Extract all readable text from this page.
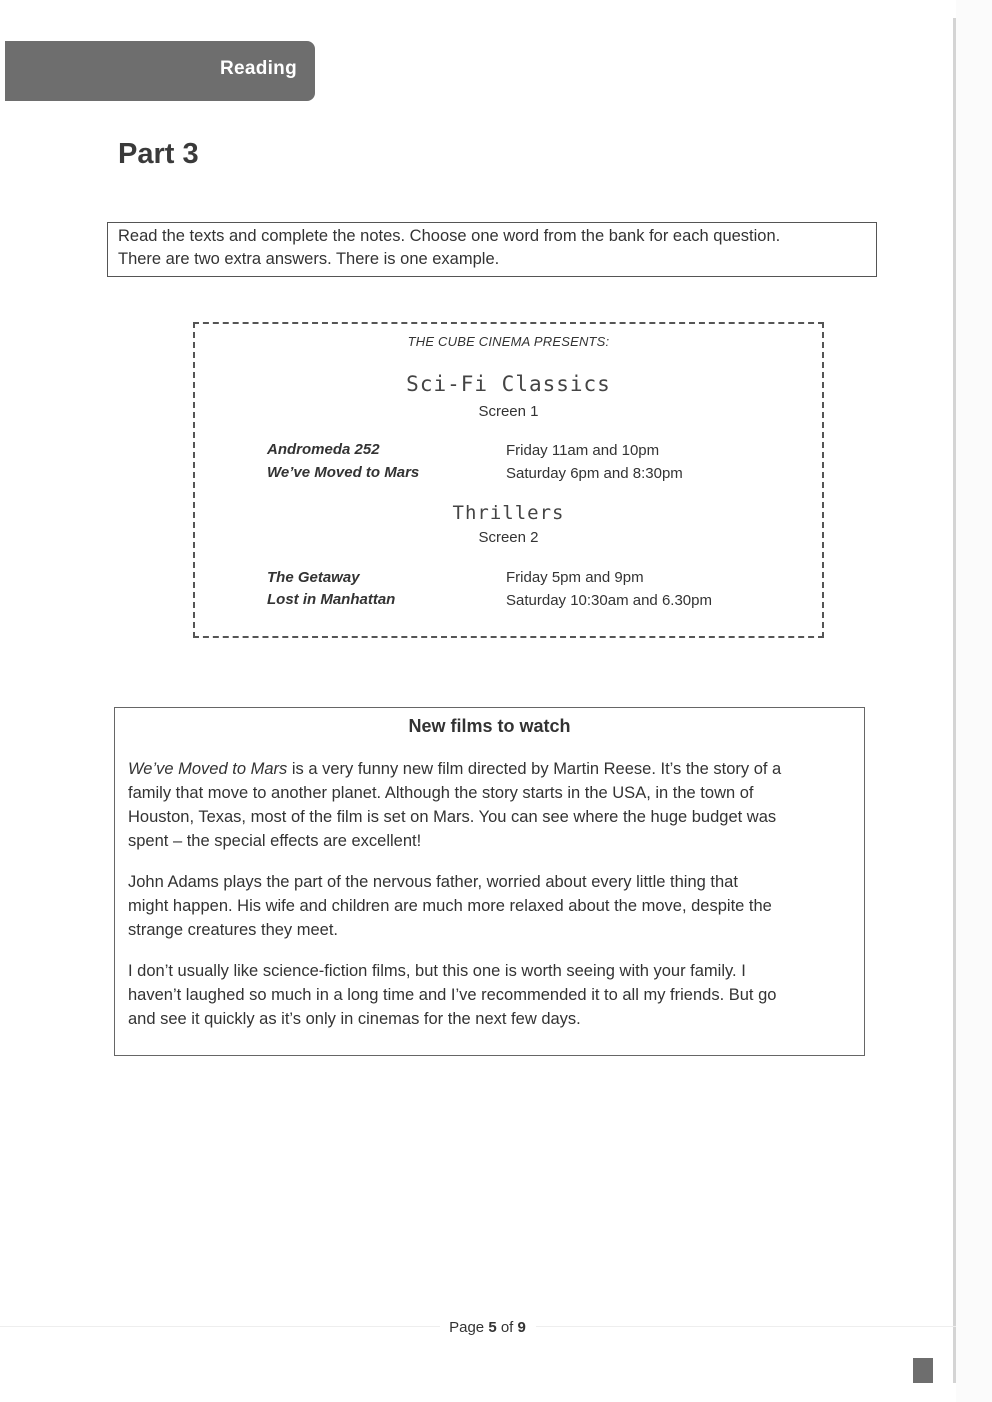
Reading
Part 3

Read the texts and complete the notes. Choose one word from the bank for each question.

There are two extra answers. There is one example.

THE CUBE CINEMA PRESENTS:
Sci-Fi Classics
Screen 1
Andromeda 252
We’ve Moved to Mars
Friday 11am and 10pm
Saturday 6pm and 8:30pm
Thrillers
Screen 2
The Getaway
Lost in Manhattan
Friday 5pm and 9pm
Saturday 10:30am and 6.30pm
New films to watch
We’ve Moved to Mars is a very funny new film directed by Martin Reese. It’s the story of a
family that move to another planet. Although the story starts in the USA, in the town of
Houston, Texas, most of the film is set on Mars. You can see where the huge budget was
spent – the special effects are excellent!
John Adams plays the part of the nervous father, worried about every little thing that
might happen. His wife and children are much more relaxed about the move, despite the
strange creatures they meet.
I don’t usually like science-fiction films, but this one is worth seeing with your family. I
haven’t laughed so much in a long time and I’ve recommended it to all my friends. But go
and see it quickly as it’s only in cinemas for the next few days.
Page 5 of 9
